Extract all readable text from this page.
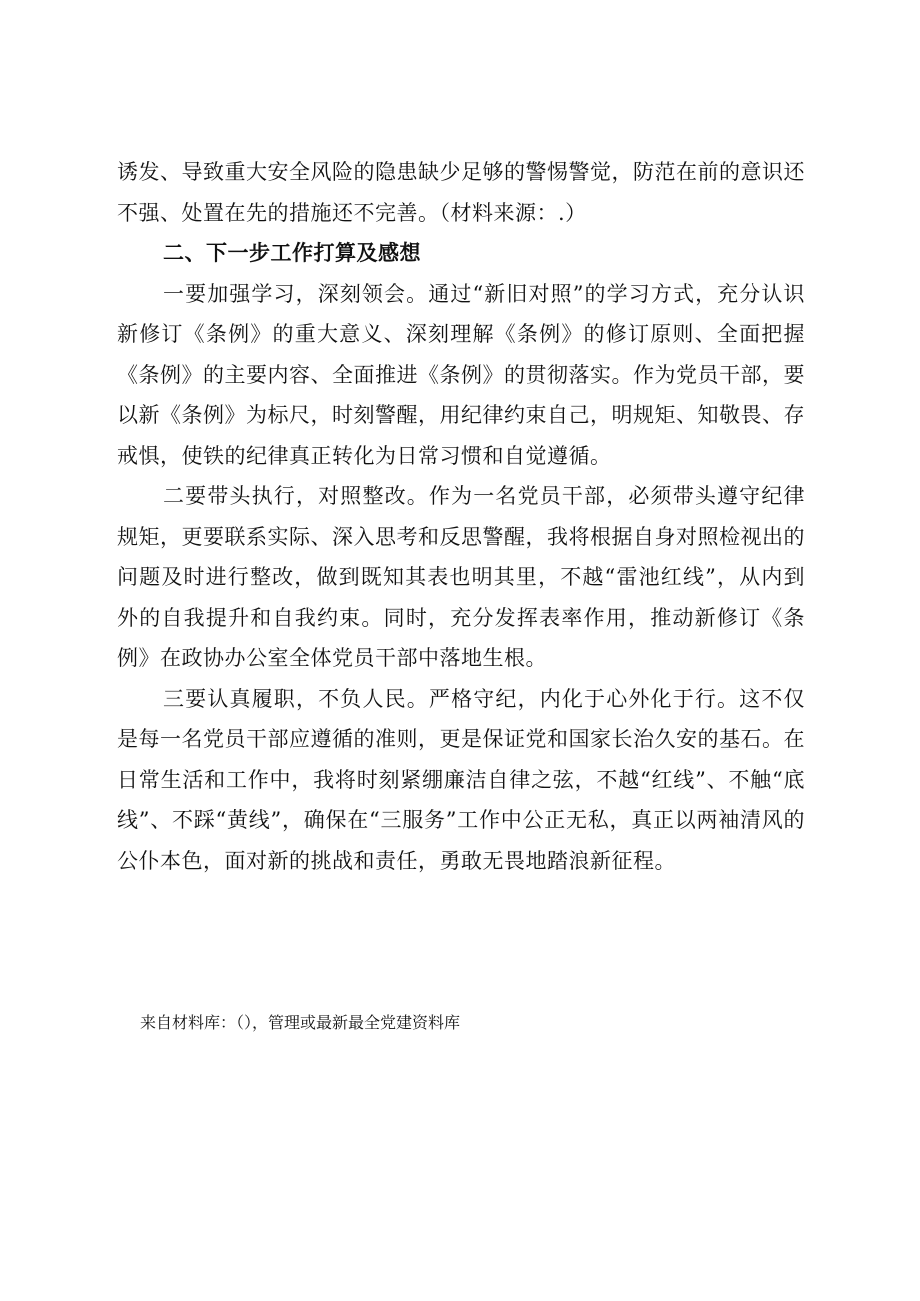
诱发、导致重大安全风险的隐患缺少足够的警惕警觉，防范在前的意识还不强、处置在先的措施还不完善。（材料来源：.）

二、下一步工作打算及感想

一要加强学习，深刻领会。通过“新旧对照”的学习方式，充分认识新修订《条例》的重大意义、深刻理解《条例》的修订原则、全面把握《条例》的主要内容、全面推进《条例》的贯彻落实。作为党员干部，要以新《条例》为标尺，时刻警醒，用纪律约束自己，明规矩、知敬畏、存戒惧，使铁的纪律真正转化为日常习惯和自觉遵循。

二要带头执行，对照整改。作为一名党员干部，必须带头遵守纪律规矩，更要联系实际、深入思考和反思警醒，我将根据自身对照检视出的问题及时进行整改，做到既知其表也明其里，不越“雷池红线”，从内到外的自我提升和自我约束。同时，充分发挥表率作用，推动新修订《条例》在政协办公室全体党员干部中落地生根。

三要认真履职，不负人民。严格守纪，内化于心外化于行。这不仅是每一名党员干部应遵循的准则，更是保证党和国家长治久安的基石。在日常生活和工作中，我将时刻紧绷廉洁自律之弦，不越“红线”、不触“底线”、不踩“黄线”，确保在“三服务”工作中公正无私，真正以两袖清风的公仆本色，面对新的挑战和责任，勇敢无畏地踏浪新征程。

来自材料库：（），管理或最新最全党建资料库
